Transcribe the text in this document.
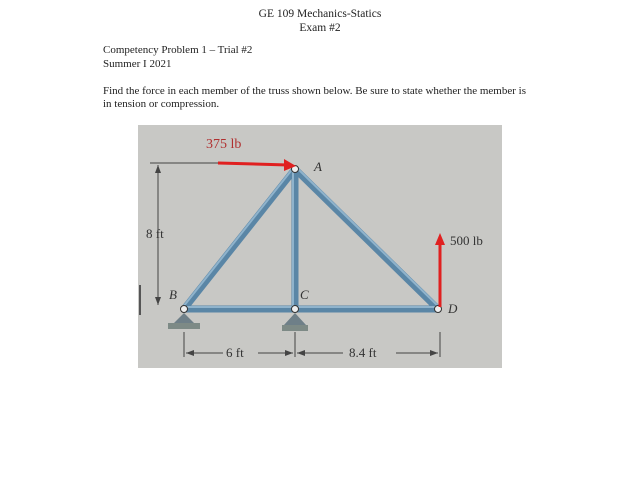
GE 109 Mechanics-Statics
Exam #2
Competency Problem 1 – Trial #2
Summer I 2021
Find the force in each member of the truss shown below. Be sure to state whether the member is in tension or compression.
375 lb
500 lb
8 ft
A
B	C
D
6 ft	8.4 ft
